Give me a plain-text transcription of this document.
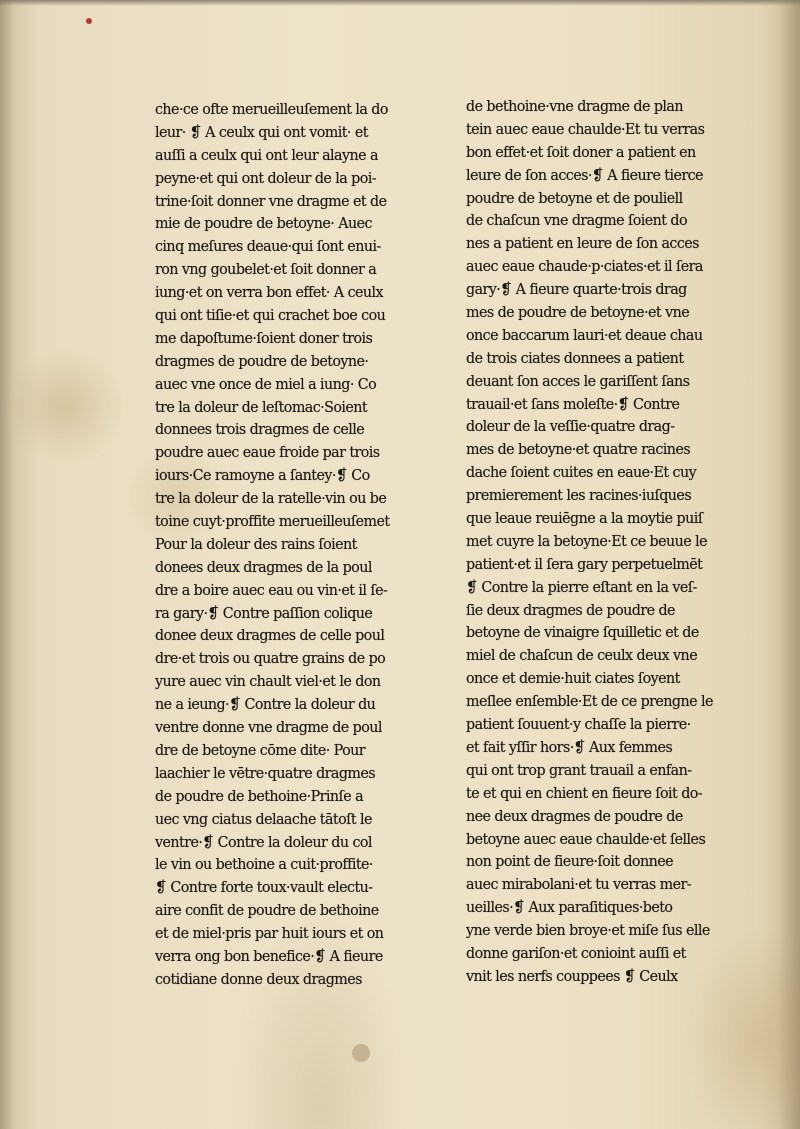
che·ce ofte merueilleuſement la do
leur· ❡ A ceulx qui ont vomit· et
auſſi a ceulx qui ont leur alayne a
peyne·et qui ont doleur de la poi-
trine·ſoit donner vne dragme et de
mie de poudre de betoyne· Auec
cinq meſures deaue·qui ſont enui-
ron vng goubelet·et ſoit donner a
iung·et on verra bon effet· A ceulx
qui ont tiſie·et qui crachet boe cou
me dapoſtume·ſoient doner trois
dragmes de poudre de betoyne·
auec vne once de miel a iung· Co
tre la doleur de leſtomac·Soient
donnees trois dragmes de celle
poudre auec eaue froide par trois
iours·Ce ramoyne a ſantey·❡ Co
tre la doleur de la ratelle·vin ou be
toine cuyt·proffite merueilleuſemet
Pour la doleur des rains ſoient
donees deux dragmes de la poul
dre a boire auec eau ou vin·et il ſe-
ra gary·❡ Contre paſſion colique
donee deux dragmes de celle poul
dre·et trois ou quatre grains de po
yure auec vin chault viel·et le don
ne a ieung·❡ Contre la doleur du
ventre donne vne dragme de poul
dre de betoyne cōme dite· Pour
laachier le vētre·quatre dragmes
de poudre de bethoine·Prinſe a
uec vng ciatus delaache tātoſt le
ventre·❡ Contre la doleur du col
le vin ou bethoine a cuit·proffite·
❡ Contre forte toux·vault electu-
aire confit de poudre de bethoine
et de miel·pris par huit iours et on
verra ong bon benefice·❡ A fieure
cotidiane donne deux dragmes
de bethoine·vne dragme de plan
tein auec eaue chaulde·Et tu verras
bon effet·et ſoit doner a patient en
leure de ſon acces·❡ A fieure tierce
poudre de betoyne et de pouliell
de chaſcun vne dragme ſoient do
nes a patient en leure de ſon acces
auec eaue chaude·p·ciates·et il ſera
gary·❡ A fieure quarte·trois drag
mes de poudre de betoyne·et vne
once baccarum lauri·et deaue chau
de trois ciates donnees a patient
deuant ſon acces le gariſſent ſans
trauail·et ſans moleſte·❡ Contre
doleur de la veſſie·quatre drag-
mes de betoyne·et quatre racines
dache ſoient cuites en eaue·Et cuy
premierement les racines·iuſques
que leaue reuiēgne a la moytie puiſ
met cuyre la betoyne·Et ce beuue le
patient·et il ſera gary perpetuelmēt
❡ Contre la pierre eſtant en la veſ-
ſie deux dragmes de poudre de
betoyne de vinaigre ſquilletic et de
miel de chaſcun de ceulx deux vne
once et demie·huit ciates ſoyent
meſlee enſemble·Et de ce prengne le
patient ſouuent·y chaſſe la pierre·
et fait yſſir hors·❡ Aux femmes
qui ont trop grant trauail a enfan-
te et qui en chient en fieure ſoit do-
nee deux dragmes de poudre de
betoyne auec eaue chaulde·et ſelles
non point de fieure·ſoit donnee
auec mirabolani·et tu verras mer-
ueilles·❡ Aux paraſitiques·beto
yne verde bien broye·et miſe ſus elle
donne gariſon·et conioint auſſi et
vnit les nerfs couppees ❡ Ceulx
